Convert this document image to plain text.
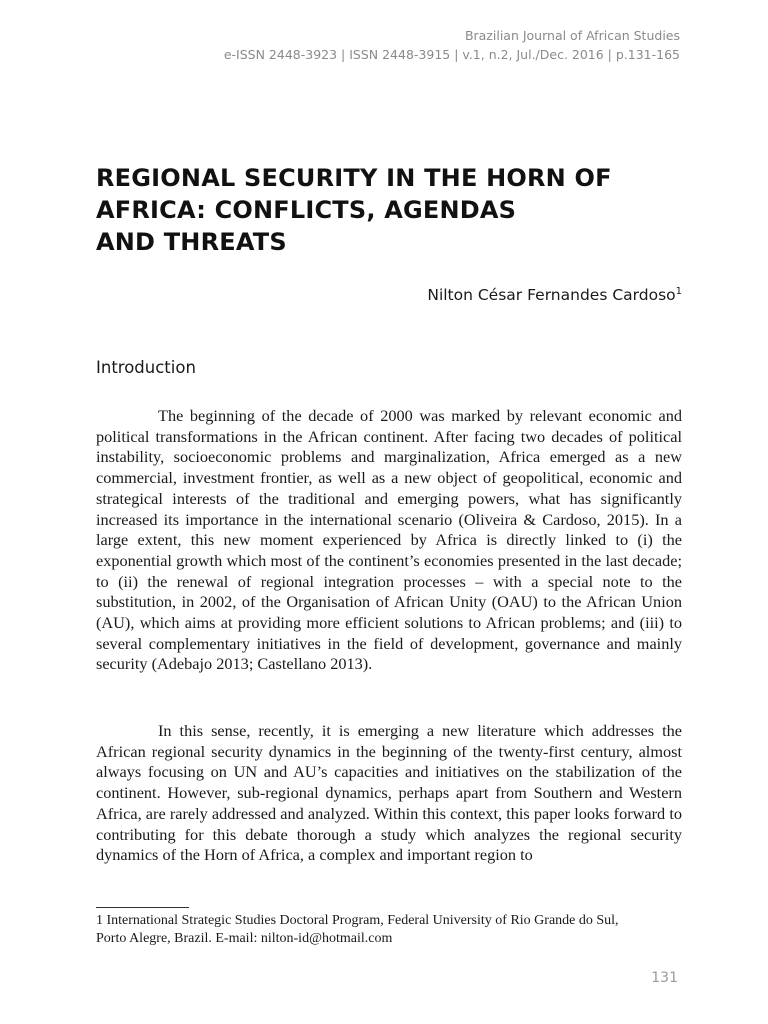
Brazilian Journal of African Studies
e-ISSN 2448-3923 | ISSN 2448-3915 | v.1, n.2, Jul./Dec. 2016 | p.131-165
REGIONAL SECURITY IN THE HORN OF
AFRICA: CONFLICTS, AGENDAS
AND THREATS
Nilton César Fernandes Cardoso$^1$
Introduction

The beginning of the decade of 2000 was marked by relevant economic and political transformations in the African continent. After facing two decades of political instability, socioeconomic problems and marginalization, Africa emerged as a new commercial, investment frontier, as well as a new object of geopolitical, economic and strategical interests of the traditional and emerging powers, what has significantly increased its importance in the international scenario (Oliveira & Cardoso, 2015). In a large extent, this new moment experienced by Africa is directly linked to (i) the exponential growth which most of the continent’s economies presented in the last decade; to (ii) the renewal of regional integration processes – with a special note to the substitution, in 2002, of the Organisation of African Unity (OAU) to the African Union (AU), which aims at providing more efficient solutions to African problems; and (iii) to several complementary initiatives in the field of development, governance and mainly security (Adebajo 2013; Castellano 2013).

In this sense, recently, it is emerging a new literature which addresses the African regional security dynamics in the beginning of the twenty-first century, almost always focusing on UN and AU’s capacities and initiatives on the stabilization of the continent. However, sub-regional dynamics, perhaps apart from Southern and Western Africa, are rarely addressed and analyzed. Within this context, this paper looks forward to contributing for this debate thorough a study which analyzes the regional security dynamics of the Horn of Africa, a complex and important region to

1 International Strategic Studies Doctoral Program, Federal University of Rio Grande do Sul,
Porto Alegre, Brazil. E-mail: nilton-id@hotmail.com

131
